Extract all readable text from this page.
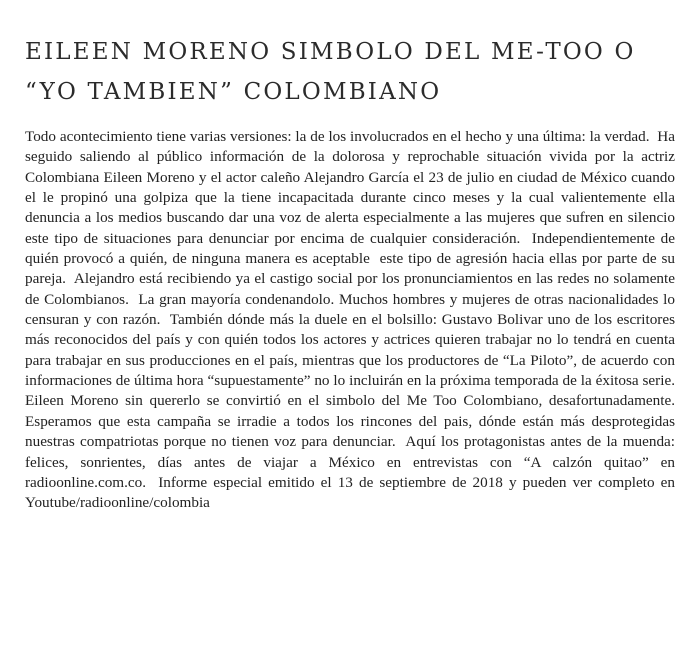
EILEEN MORENO SIMBOLO DEL ME-TOO O “YO TAMBIEN” COLOMBIANO

Todo acontecimiento tiene varias versiones: la de los involucrados en el hecho y una última: la verdad.  Ha seguido saliendo al público información de la dolorosa y reprochable situación vivida por la actriz Colombiana Eileen Moreno y el actor caleño Alejandro García el 23 de julio en ciudad de México cuando el le propinó una golpiza que la tiene incapacitada durante cinco meses y la cual valientemente ella denuncia a los medios buscando dar una voz de alerta especialmente a las mujeres que sufren en silencio este tipo de situaciones para denunciar por encima de cualquier consideración.  Independientemente de quién provocó a quién, de ninguna manera es aceptable  este tipo de agresión hacia ellas por parte de su pareja.  Alejandro está recibiendo ya el castigo social por los pronunciamientos en las redes no solamente de Colombianos.  La gran mayoría condenandolo. Muchos hombres y mujeres de otras nacionalidades lo censuran y con razón.  También dónde más la duele en el bolsillo: Gustavo Bolivar uno de los escritores más reconocidos del país y con quién todos los actores y actrices quieren trabajar no lo tendrá en cuenta para trabajar en sus producciones en el país, mientras que los productores de “La Piloto”, de acuerdo con informaciones de última hora “supuestamente” no lo incluirán en la próxima temporada de la éxitosa serie.  Eileen Moreno sin quererlo se convirtió en el simbolo del Me Too Colombiano, desafortunadamente.  Esperamos que esta campaña se irradie a todos los rincones del pais, dónde están más desprotegidas nuestras compatriotas porque no tienen voz para denunciar.  Aquí los protagonistas antes de la muenda: felices, sonrientes, días antes de viajar a México en entrevistas con “A calzón quitao” en radioonline.com.co.  Informe especial emitido el 13 de septiembre de 2018 y pueden ver completo en Youtube/radioonline/colombia
